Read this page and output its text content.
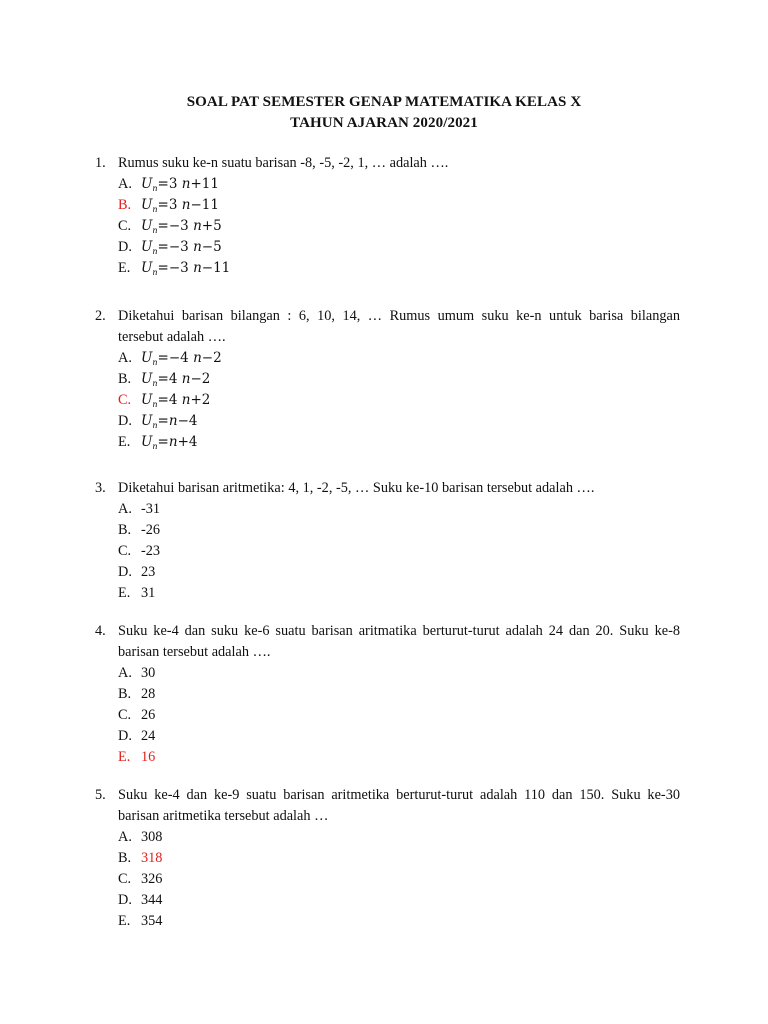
SOAL PAT SEMESTER GENAP MATEMATIKA KELAS X
TAHUN AJARAN 2020/2021
1. Rumus suku ke-n suatu barisan -8, -5, -2, 1, … adalah ….
A. $U_n=3$ n+11
B. $U_n=3$ n−11
C. $U_n=-3$ n+5
D. $U_n=-3$ n−5
E. $U_n=-3$ n−11
2. Diketahui barisan bilangan : 6, 10, 14, … Rumus umum suku ke-n untuk barisa bilangan
tersebut adalah ….
A. $U_n=-4$ n−2
B. $U_n=4$ n−2
C. $U_n=4$ n+2
D. $U_n=n-4$
E. $U_n=n+4$
3. Diketahui barisan aritmetika: 4, 1, -2, -5, … Suku ke-10 barisan tersebut adalah ….
A. -31
B. -26
C. -23
D. 23
E. 31
4. Suku ke-4 dan suku ke-6 suatu barisan aritmatika berturut-turut adalah 24 dan 20. Suku ke-8
barisan tersebut adalah ….
A. 30
B. 28
C. 26
D. 24
E. 16
5. Suku ke-4 dan ke-9 suatu barisan aritmetika berturut-turut adalah 110 dan 150. Suku ke-30
barisan aritmetika tersebut adalah …
A. 308
B. 318
C. 326
D. 344
E. 354
